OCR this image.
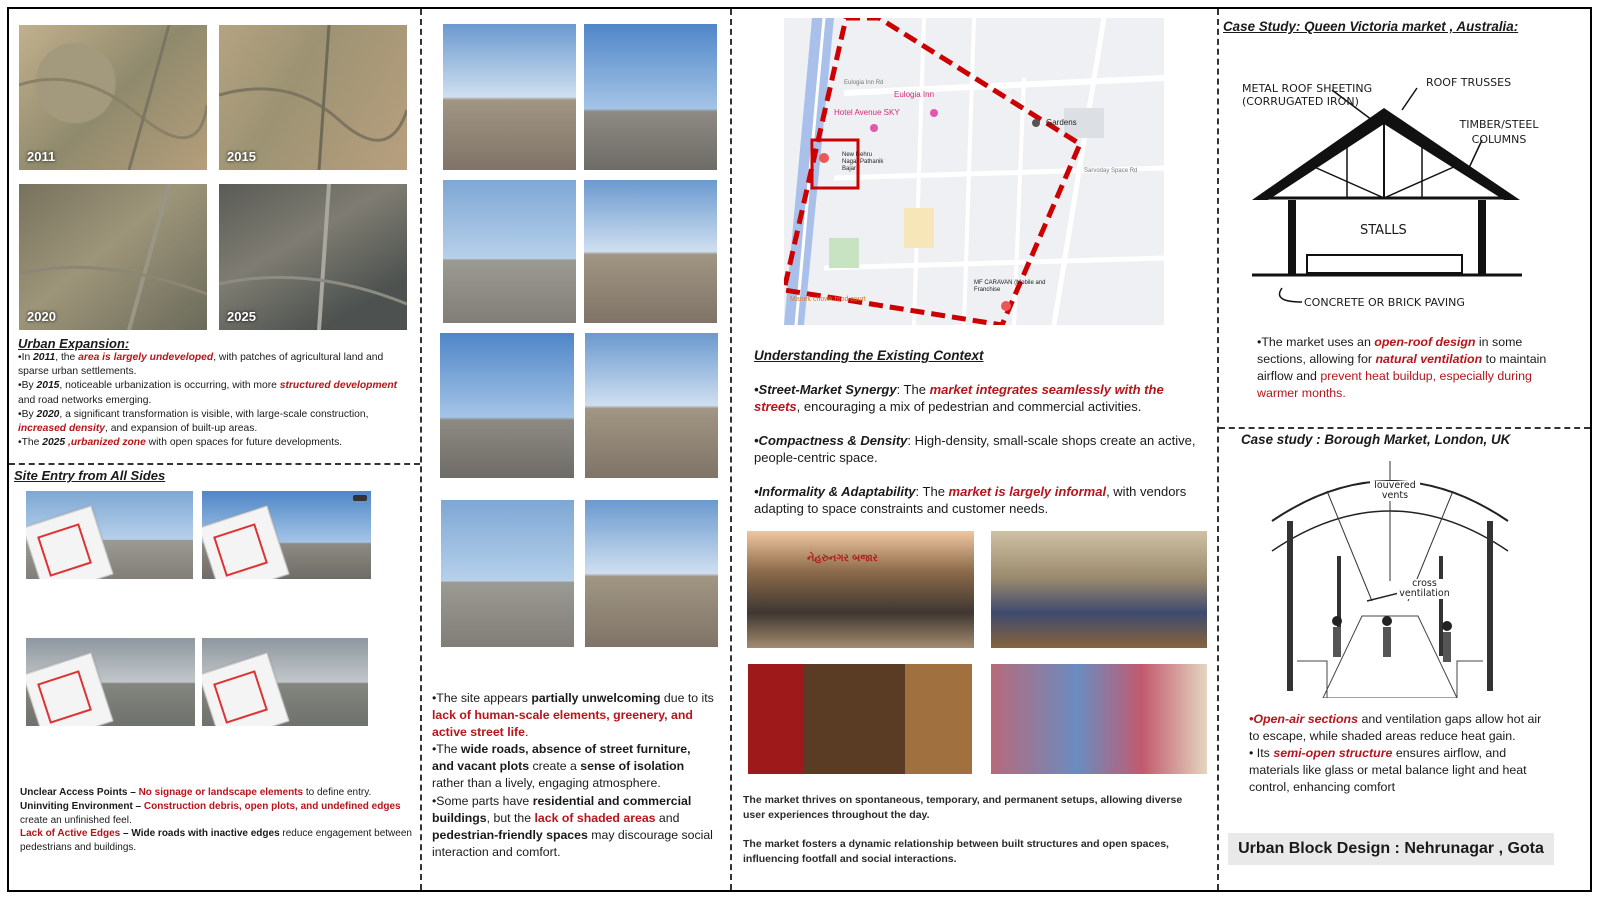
2011	2015
2020	2025
Urban Expansion:

•In 2011, the area is largely undeveloped, with patches of agricultural land and sparse urban settlements.

•By 2015, noticeable urbanization is occurring, with more structured development and road networks emerging.

•By 2020, a significant transformation is visible, with large-scale construction, increased density, and expansion of built-up areas.

•The 2025 ,urbanized zone with open spaces for future developments.

Site Entry from All Sides

Unclear Access Points – No signage or landscape elements to define entry.

Uninviting Environment – Construction debris, open plots, and undefined edges create an unfinished feel.

Lack of Active Edges – Wide roads with inactive edges reduce engagement between pedestrians and buildings.

•The site appears partially unwelcoming due to its lack of human-scale elements, greenery, and active street life.

•The wide roads, absence of street furniture, and vacant plots create a sense of isolation rather than a lively, engaging atmosphere.

•Some parts have residential and commercial buildings, but the lack of shaded areas and pedestrian-friendly spaces may discourage social interaction and comfort.

Eulogia Inn
Hotel Avenue SKY
Gardens
New Nehru Nagar Pathanik Bajar
MF CARAVAN (Mobile and Franchise
Manek chowk food court
Eulogia Inn Rd
Sarvoday Space Rd
Understanding the Existing Context

•Street-Market Synergy: The market integrates seamlessly with the streets, encouraging a mix of pedestrian and commercial activities.

•Compactness & Density: High-density, small-scale shops create an active, people-centric space.

•Informality & Adaptability: The market is largely informal, with vendors adapting to space constraints and customer needs.

નેહરુનગર બજાર
The market thrives on spontaneous, temporary, and permanent setups, allowing diverse user experiences throughout the day.
The market fosters a dynamic relationship between built structures and open spaces, influencing footfall and social interactions.
Case Study: Queen Victoria market , Australia:
METAL ROOF SHEETING (CORRUGATED IRON)
ROOF TRUSSES
TIMBER/STEEL COLUMNS
STALLS
CONCRETE OR BRICK PAVING
•The market uses an open-roof design in some sections, allowing for natural ventilation to maintain airflow and prevent heat buildup, especially during warmer months.
Case study : Borough Market, London, UK
louvered vents
cross ventilation

•Open-air sections and ventilation gaps allow hot air to escape, while shaded areas reduce heat gain.

• Its semi-open structure ensures airflow, and materials like glass or metal balance light and heat control, enhancing comfort

Urban Block Design : Nehrunagar , Gota
